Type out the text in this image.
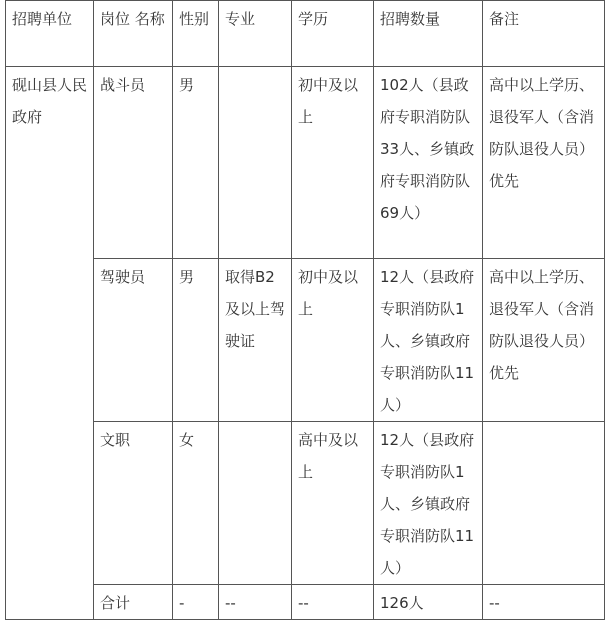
招聘单位	岗位 名称	性别	专业	学历	招聘数量	备注
砚山县人民政府	战斗员	男		初中及以上	102人（县政府专职消防队33人、乡镇政府专职消防队69人）	高中以上学历、退役军人（含消防队退役人员）优先
	驾驶员	男	取得B2及以上驾驶证	初中及以上	12人（县政府专职消防队1人、乡镇政府专职消防队11人）	高中以上学历、退役军人（含消防队退役人员）优先
	文职	女		高中及以上	12人（县政府专职消防队1人、乡镇政府专职消防队11人）	
	合计	-	--	--	126人	--
